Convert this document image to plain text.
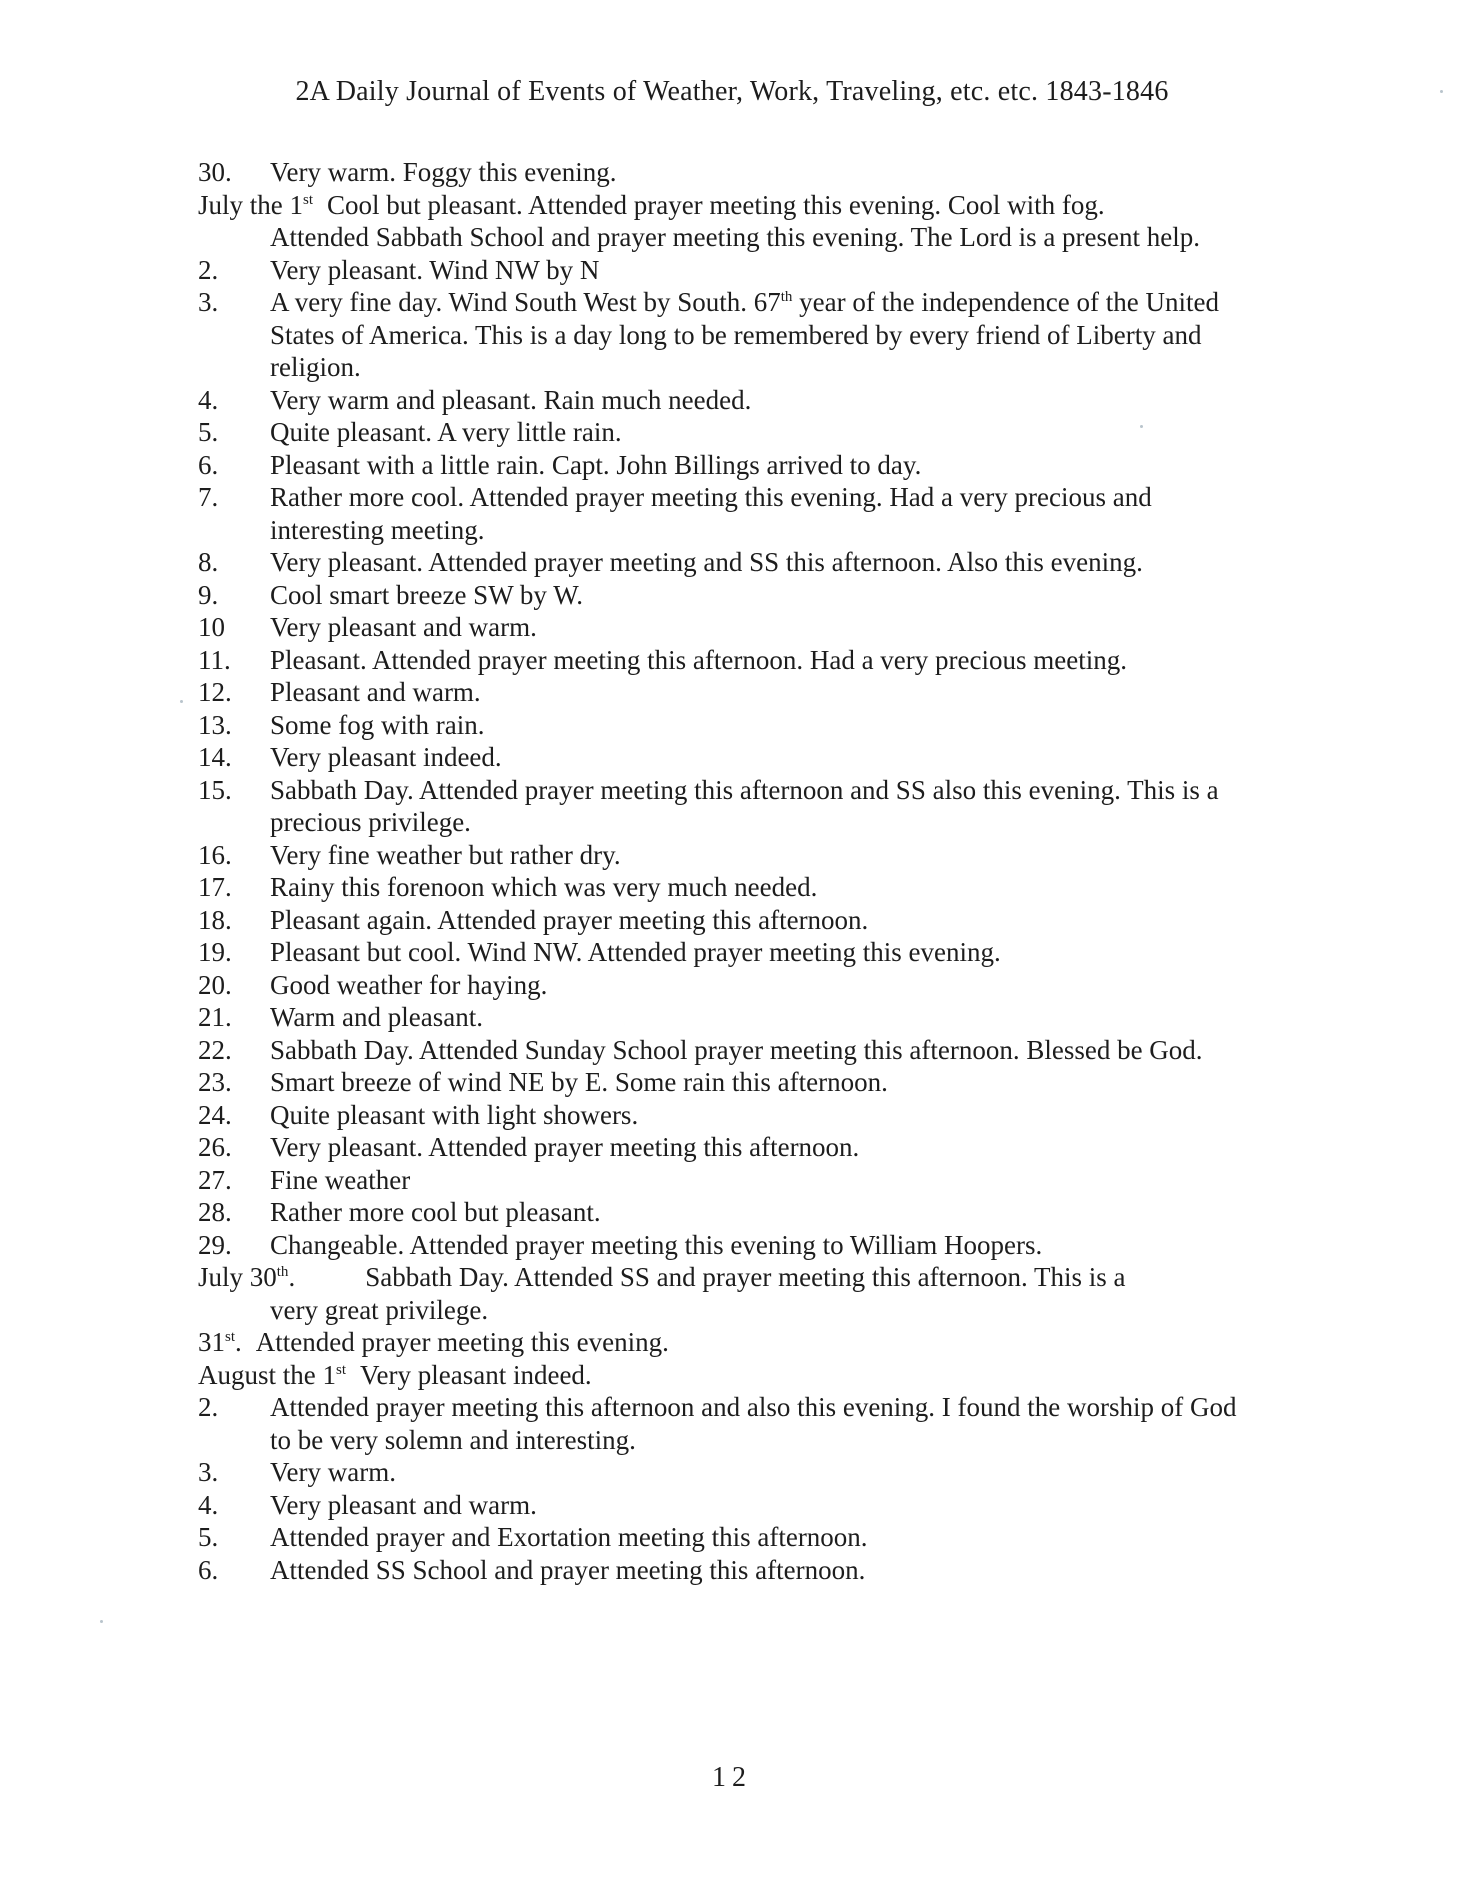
2A Daily Journal of Events of Weather, Work, Traveling, etc. etc. 1843-1846

30. Very warm. Foggy this evening.

July the 1st Cool but pleasant. Attended prayer meeting this evening. Cool with fog.
Attended Sabbath School and prayer meeting this evening. The Lord is a present help.

2. Very pleasant. Wind NW by N

3. A very fine day. Wind South West by South. 67th year of the independence of the United States of America. This is a day long to be remembered by every friend of Liberty and religion.

4. Very warm and pleasant. Rain much needed.

5. Quite pleasant. A very little rain.

6. Pleasant with a little rain. Capt. John Billings arrived to day.

7. Rather more cool. Attended prayer meeting this evening. Had a very precious and interesting meeting.

8. Very pleasant. Attended prayer meeting and SS this afternoon. Also this evening.

9. Cool smart breeze SW by W.

10 Very pleasant and warm.

11. Pleasant. Attended prayer meeting this afternoon. Had a very precious meeting.

12. Pleasant and warm.

13. Some fog with rain.

14. Very pleasant indeed.

15. Sabbath Day. Attended prayer meeting this afternoon and SS also this evening. This is a precious privilege.

16. Very fine weather but rather dry.

17. Rainy this forenoon which was very much needed.

18. Pleasant again. Attended prayer meeting this afternoon.

19. Pleasant but cool. Wind NW. Attended prayer meeting this evening.

20. Good weather for haying.

21. Warm and pleasant.

22. Sabbath Day. Attended Sunday School prayer meeting this afternoon. Blessed be God.

23. Smart breeze of wind NE by E. Some rain this afternoon.

24. Quite pleasant with light showers.

26. Very pleasant. Attended prayer meeting this afternoon.

27. Fine weather

28. Rather more cool but pleasant.

29. Changeable. Attended prayer meeting this evening to William Hoopers.

July 30th.	Sabbath Day. Attended SS and prayer meeting this afternoon. This is a
very great privilege.

31st. Attended prayer meeting this evening.

August the 1st Very pleasant indeed.

2. Attended prayer meeting this afternoon and also this evening. I found the worship of God to be very solemn and interesting.

3. Very warm.

4. Very pleasant and warm.

5. Attended prayer and Exortation meeting this afternoon.

6. Attended SS School and prayer meeting this afternoon.

12
